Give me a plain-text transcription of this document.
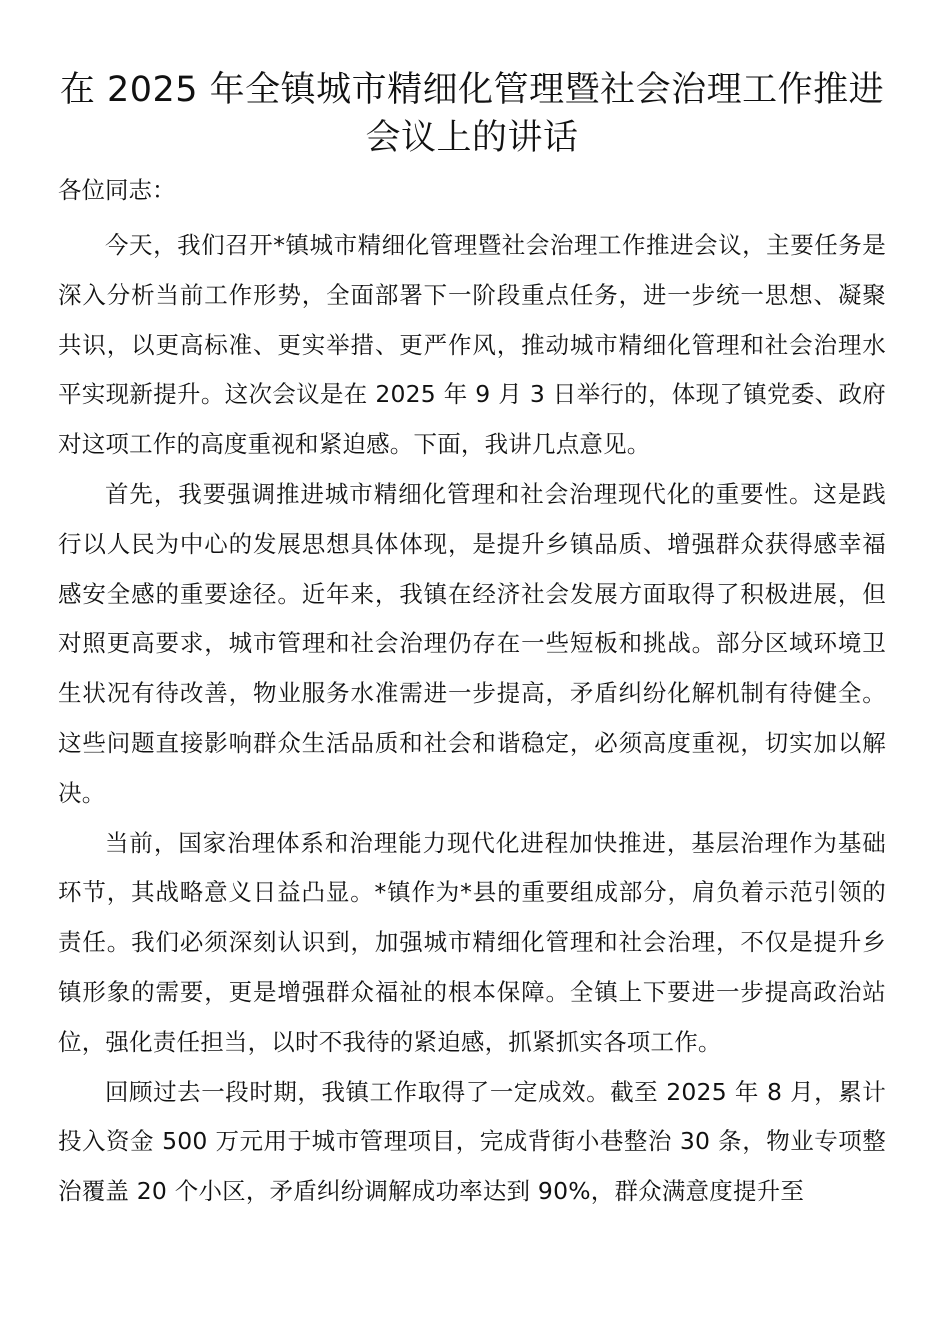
在 2025 年全镇城市精细化管理暨社会治理工作推进会议上的讲话

各位同志：

今天，我们召开*镇城市精细化管理暨社会治理工作推进会议，主要任务是深入分析当前工作形势，全面部署下一阶段重点任务，进一步统一思想、凝聚共识，以更高标准、更实举措、更严作风，推动城市精细化管理和社会治理水平实现新提升。这次会议是在 2025 年 9 月 3 日举行的，体现了镇党委、政府对这项工作的高度重视和紧迫感。下面，我讲几点意见。

首先，我要强调推进城市精细化管理和社会治理现代化的重要性。这是践行以人民为中心的发展思想具体体现，是提升乡镇品质、增强群众获得感幸福感安全感的重要途径。近年来，我镇在经济社会发展方面取得了积极进展，但对照更高要求，城市管理和社会治理仍存在一些短板和挑战。部分区域环境卫生状况有待改善，物业服务水准需进一步提高，矛盾纠纷化解机制有待健全。这些问题直接影响群众生活品质和社会和谐稳定，必须高度重视，切实加以解决。

当前，国家治理体系和治理能力现代化进程加快推进，基层治理作为基础环节，其战略意义日益凸显。*镇作为*县的重要组成部分，肩负着示范引领的责任。我们必须深刻认识到，加强城市精细化管理和社会治理，不仅是提升乡镇形象的需要，更是增强群众福祉的根本保障。全镇上下要进一步提高政治站位，强化责任担当，以时不我待的紧迫感，抓紧抓实各项工作。

回顾过去一段时期，我镇工作取得了一定成效。截至 2025 年 8 月，累计投入资金 500 万元用于城市管理项目，完成背街小巷整治 30 条，物业专项整治覆盖 20 个小区，矛盾纠纷调解成功率达到 90%，群众满意度提升至
